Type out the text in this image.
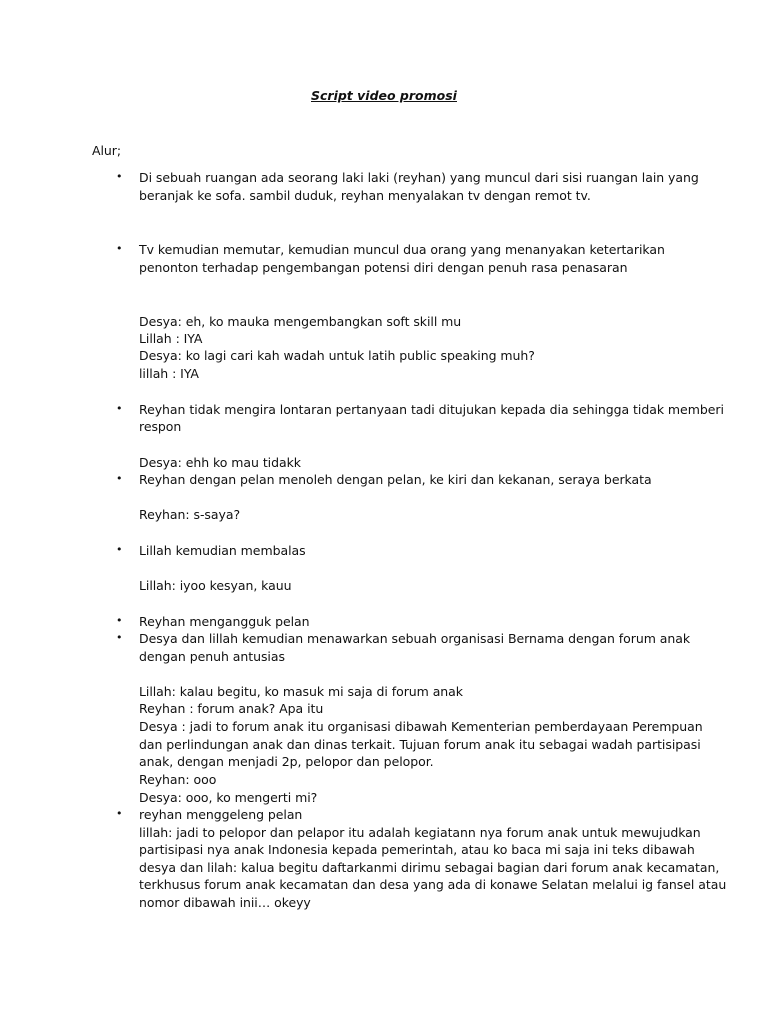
Script video promosi
Alur;
• Di sebuah ruangan ada seorang laki laki (reyhan) yang muncul dari sisi ruangan lain yang
beranjak ke sofa. sambil duduk, reyhan menyalakan tv dengan remot tv.
• Tv kemudian memutar, kemudian muncul dua orang yang menanyakan ketertarikan
penonton terhadap pengembangan potensi diri dengan penuh rasa penasaran
Desya: eh, ko mauka mengembangkan soft skill mu
Lillah : IYA
Desya: ko lagi cari kah wadah untuk latih public speaking muh?
lillah : IYA
• Reyhan tidak mengira lontaran pertanyaan tadi ditujukan kepada dia sehingga tidak memberi
respon
Desya: ehh ko mau tidakk
• Reyhan dengan pelan menoleh dengan pelan, ke kiri dan kekanan, seraya berkata
Reyhan: s-saya?
• Lillah kemudian membalas
Lillah: iyoo kesyan, kauu
• Reyhan mengangguk pelan
• Desya dan lillah kemudian menawarkan sebuah organisasi Bernama dengan forum anak
dengan penuh antusias
Lillah: kalau begitu, ko masuk mi saja di forum anak
Reyhan : forum anak? Apa itu
Desya : jadi to forum anak itu organisasi dibawah Kementerian pemberdayaan Perempuan
dan perlindungan anak dan dinas terkait. Tujuan forum anak itu sebagai wadah partisipasi
anak, dengan menjadi 2p, pelopor dan pelopor.
Reyhan: ooo
Desya: ooo, ko mengerti mi?
• reyhan menggeleng pelan
lillah: jadi to pelopor dan pelapor itu adalah kegiatann nya forum anak untuk mewujudkan
partisipasi nya anak Indonesia kepada pemerintah, atau ko baca mi saja ini teks dibawah
desya dan lilah: kalua begitu daftarkanmi dirimu sebagai bagian dari forum anak kecamatan,
terkhusus forum anak kecamatan dan desa yang ada di konawe Selatan melalui ig fansel atau
nomor dibawah inii… okeyy
